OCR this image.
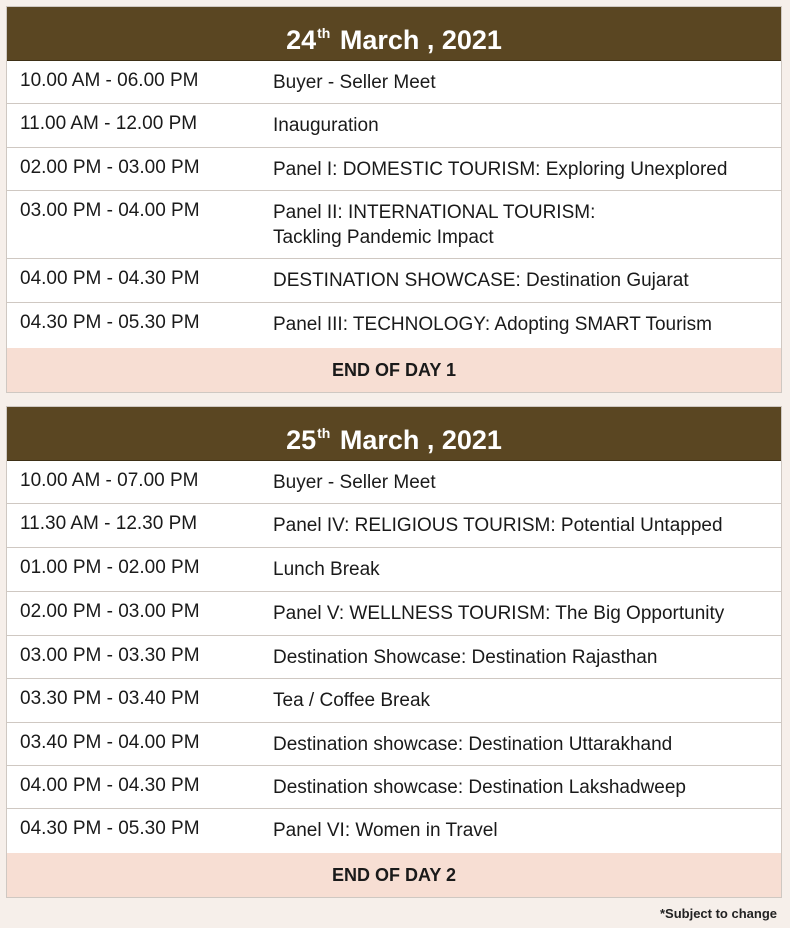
24th March , 2021
10.00 AM - 06.00 PM	Buyer - Seller Meet
11.00 AM - 12.00 PM	Inauguration
02.00 PM - 03.00 PM	Panel I: DOMESTIC TOURISM: Exploring Unexplored
03.00 PM - 04.00 PM	Panel II: INTERNATIONAL TOURISM:
Tackling Pandemic Impact
04.00 PM - 04.30 PM	DESTINATION SHOWCASE: Destination Gujarat
04.30 PM - 05.30 PM	Panel III: TECHNOLOGY: Adopting SMART Tourism
END OF DAY 1
25th March , 2021
10.00 AM - 07.00 PM	Buyer - Seller Meet
11.30 AM - 12.30 PM	Panel IV: RELIGIOUS TOURISM: Potential Untapped
01.00 PM - 02.00 PM	Lunch Break
02.00 PM - 03.00 PM	Panel V: WELLNESS TOURISM: The Big Opportunity
03.00 PM - 03.30 PM	Destination Showcase: Destination Rajasthan
03.30 PM - 03.40 PM	Tea / Coffee Break
03.40 PM - 04.00 PM	Destination showcase: Destination Uttarakhand
04.00 PM - 04.30 PM	Destination showcase: Destination Lakshadweep
04.30 PM - 05.30 PM	Panel VI: Women in Travel
END OF DAY 2
*Subject to change
